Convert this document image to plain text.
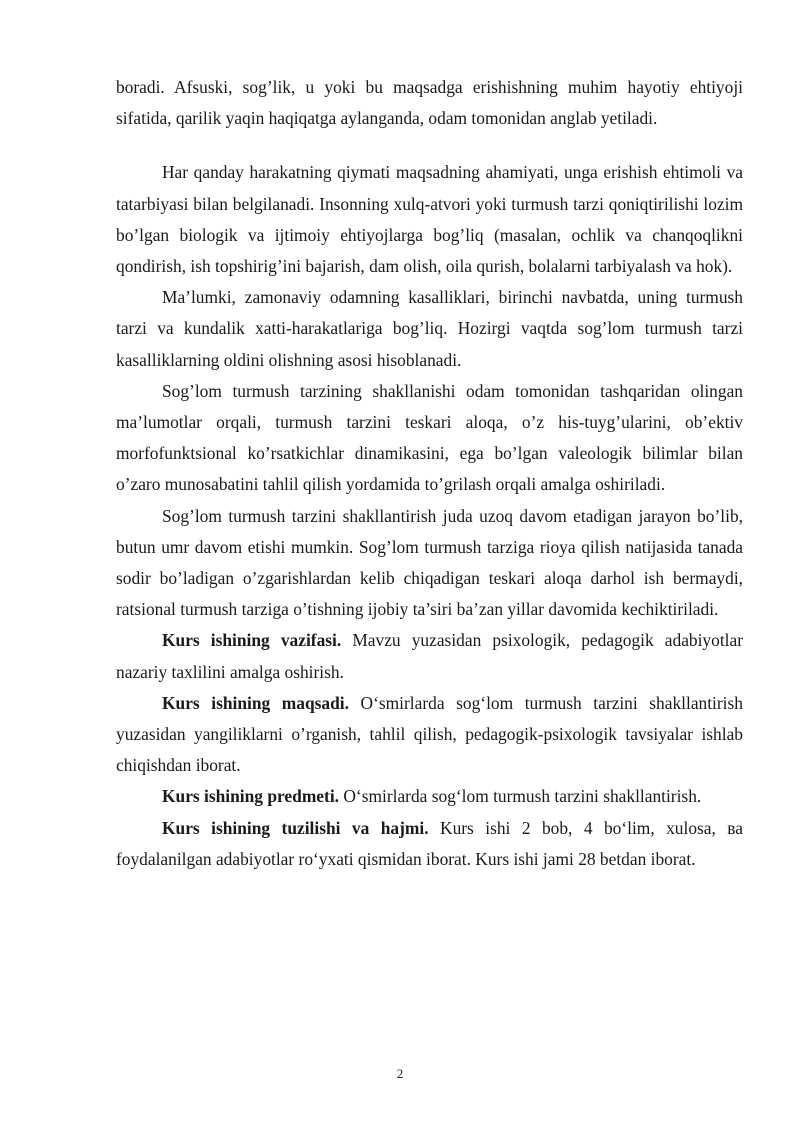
boradi. Afsuski, sog’lik, u yoki bu maqsadga erishishning muhim hayotiy ehtiyoji sifatida, qarilik yaqin haqiqatga aylanganda, odam tomonidan anglab yetiladi.

Har qanday harakatning qiymati maqsadning ahamiyati, unga erishish ehtimoli va tatarbiyasi bilan belgilanadi. Insonning xulq-atvori yoki turmush tarzi qoniqtirilishi lozim bo’lgan biologik va ijtimoiy ehtiyojlarga bog’liq (masalan, ochlik va chanqoqlikni qondirish, ish topshirig’ini bajarish, dam olish, oila qurish, bolalarni tarbiyalash va hok).

Ma’lumki, zamonaviy odamning kasalliklari, birinchi navbatda, uning turmush tarzi va kundalik xatti-harakatlariga bog’liq. Hozirgi vaqtda sog’lom turmush tarzi kasalliklarning oldini olishning asosi hisoblanadi.

Sog’lom turmush tarzining shakllanishi odam tomonidan tashqaridan olingan ma’lumotlar orqali, turmush tarzini teskari aloqa, o’z his-tuyg’ularini, ob’ektiv morfofunktsional ko’rsatkichlar dinamikasini, ega bo’lgan valeologik bilimlar bilan o’zaro munosabatini tahlil qilish yordamida to’grilash orqali amalga oshiriladi.

Sog’lom turmush tarzini shakllantirish juda uzoq davom etadigan jarayon bo’lib, butun umr davom etishi mumkin. Sog’lom turmush tarziga rioya qilish natijasida tanada sodir bo’ladigan o’zgarishlardan kelib chiqadigan teskari aloqa darhol ish bermaydi, ratsional turmush tarziga o’tishning ijobiy ta’siri ba’zan yillar davomida kechiktiriladi.

Kurs ishining vazifasi. Mavzu yuzasidan psixologik, pedagogik adabiyotlar nazariy taxlilini amalga oshirish.

Kurs ishining maqsadi. O‘smirlarda sog‘lom turmush tarzini shakllantirish yuzasidan yangiliklarni o’rganish, tahlil qilish, pedagogik-psixologik tavsiyalar ishlab chiqishdan iborat.

Kurs ishining predmeti. O‘smirlarda sog‘lom turmush tarzini shakllantirish.

Kurs ishining tuzilishi va hajmi. Kurs ishi 2 bob, 4 bo‘lim, xulosa, ва foydalanilgan adabiyotlar ro‘yxati qismidan iborat. Kurs ishi jami 28 betdan iborat.

2
